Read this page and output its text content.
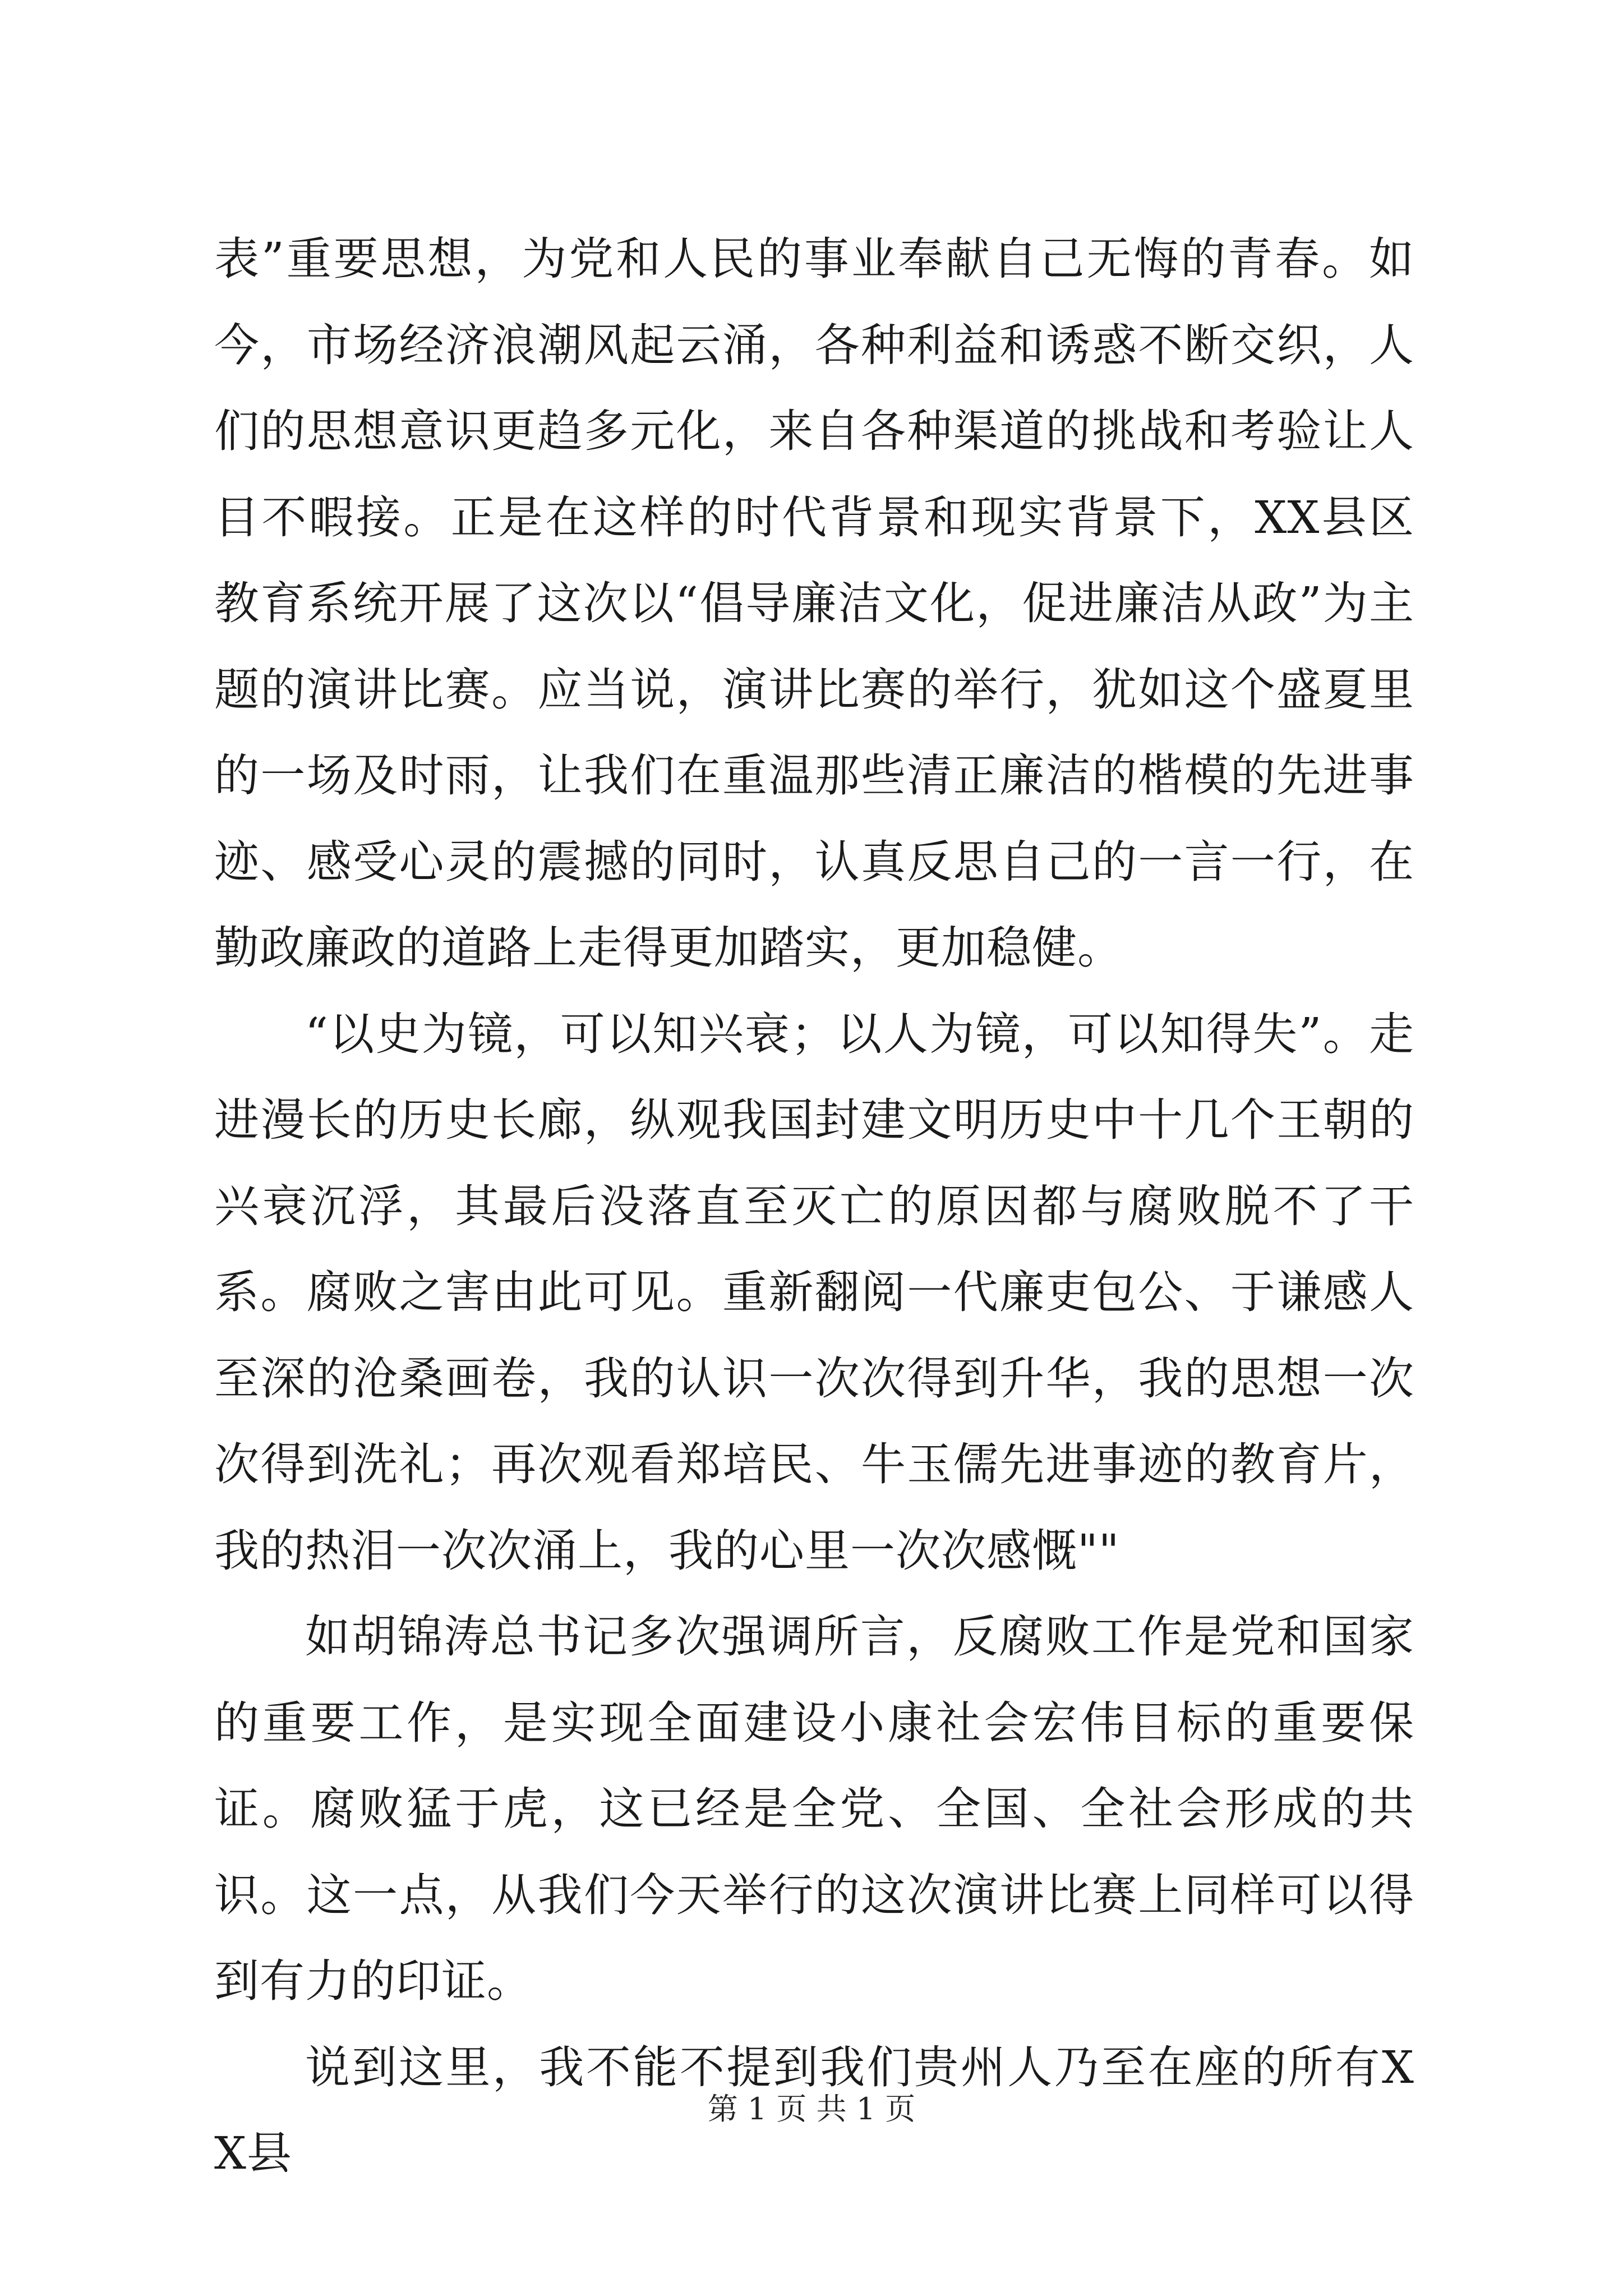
表”重要思想，为党和人民的事业奉献自己无悔的青春。如今，市场经济浪潮风起云涌，各种利益和诱惑不断交织，人们的思想意识更趋多元化，来自各种渠道的挑战和考验让人目不暇接。正是在这样的时代背景和现实背景下，XX县区教育系统开展了这次以“倡导廉洁文化，促进廉洁从政”为主题的演讲比赛。应当说，演讲比赛的举行，犹如这个盛夏里的一场及时雨，让我们在重温那些清正廉洁的楷模的先进事迹、感受心灵的震撼的同时，认真反思自己的一言一行，在勤政廉政的道路上走得更加踏实，更加稳健。

“以史为镜，可以知兴衰；以人为镜，可以知得失”。走进漫长的历史长廊，纵观我国封建文明历史中十几个王朝的兴衰沉浮，其最后没落直至灭亡的原因都与腐败脱不了干系。腐败之害由此可见。重新翻阅一代廉吏包公、于谦感人至深的沧桑画卷，我的认识一次次得到升华，我的思想一次次得到洗礼；再次观看郑培民、牛玉儒先进事迹的教育片，我的热泪一次次涌上，我的心里一次次感慨""

如胡锦涛总书记多次强调所言，反腐败工作是党和国家的重要工作，是实现全面建设小康社会宏伟目标的重要保证。腐败猛于虎，这已经是全党、全国、全社会形成的共识。这一点，从我们今天举行的这次演讲比赛上同样可以得到有力的印证。

说到这里，我不能不提到我们贵州人乃至在座的所有XX县

第 1 页 共 1 页
